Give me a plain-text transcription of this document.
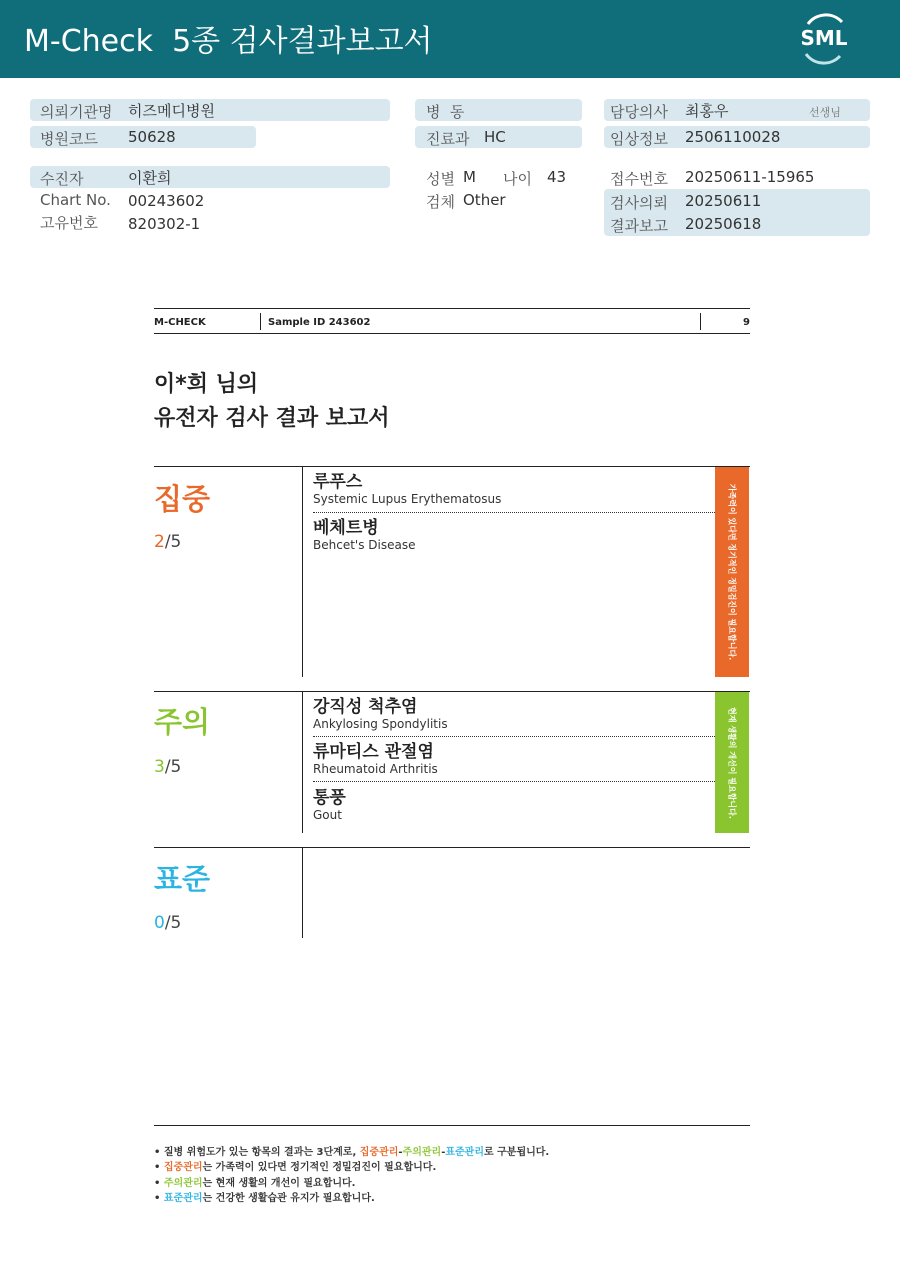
M-Check  5종 검사결과보고서	SML
의뢰기관명 히즈메디병원
병원코드 50628
수진자	이환희
Chart No. 00243602
고유번호 820302-1
병  동
진료과 HC
성별 M 나이 43
검체 Other
담당의사 최홍우	선생님
임상정보 2506110028
접수번호 20250611-15965
검사의뢰 20250611
결과보고 20250618
M-CHECK	Sample ID 243602	9
이*희 님의
유전자 검사 결과 보고서
집중
2/5
루푸스
Systemic Lupus Erythematosus
베체트병
Behcet's Disease	가족력이 있다면 정기적인 정밀검진이 필요합니다.
주의
3/5
강직성 척추염
Ankylosing Spondylitis
류마티스 관절염
Rheumatoid Arthritis
통풍
Gout	현재 생활의 개선이 필요합니다.
표준
0/5
• 질병 위험도가 있는 항목의 결과는 3단계로, 집중관리-주의관리-표준관리로 구분됩니다.
• 집중관리는 가족력이 있다면 정기적인 정밀검진이 필요합니다.
• 주의관리는 현재 생활의 개선이 필요합니다.
• 표준관리는 건강한 생활습관 유지가 필요합니다.
